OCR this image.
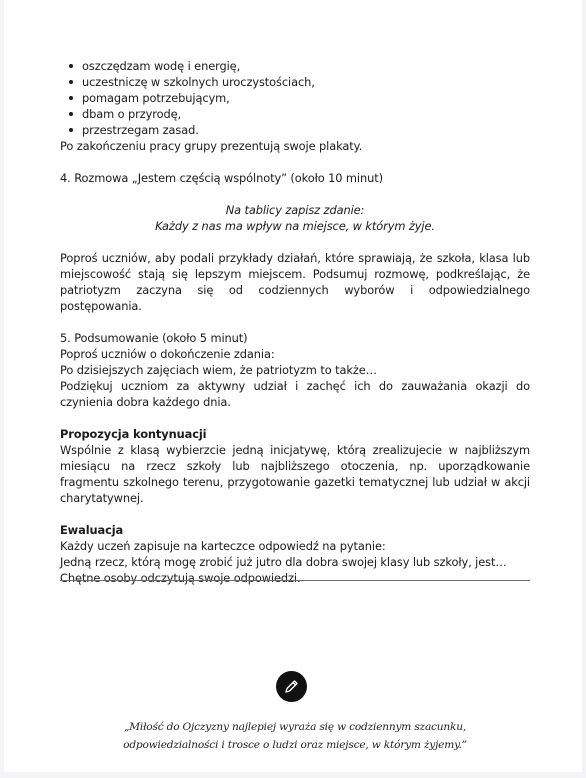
oszczędzam wodę i energię,
uczestniczę w szkolnych uroczystościach,
pomagam potrzebującym,
dbam o przyrodę,
przestrzegam zasad.

Po zakończeniu pracy grupy prezentują swoje plakaty.

4. Rozmowa „Jestem częścią wspólnoty” (około 10 minut)

Na tablicy zapisz zdanie:

Każdy z nas ma wpływ na miejsce, w którym żyje.

Poproś uczniów, aby podali przykłady działań, które sprawiają, że szkoła, klasa lub miejscowość stają się lepszym miejscem. Podsumuj rozmowę, podkreślając, że patriotyzm zaczyna się od codziennych wyborów i odpowiedzialnego postępowania.

5. Podsumowanie (około 5 minut)

Poproś uczniów o dokończenie zdania:

Po dzisiejszych zajęciach wiem, że patriotyzm to także…

Podziękuj uczniom za aktywny udział i zachęć ich do zauważania okazji do czynienia dobra każdego dnia.

Propozycja kontynuacji

Wspólnie z klasą wybierzcie jedną inicjatywę, którą zrealizujecie w najbliższym miesiącu na rzecz szkoły lub najbliższego otoczenia, np. uporządkowanie fragmentu szkolnego terenu, przygotowanie gazetki tematycznej lub udział w akcji charytatywnej.

Ewaluacja

Każdy uczeń zapisuje na karteczce odpowiedź na pytanie:

Jedną rzecz, którą mogę zrobić już jutro dla dobra swojej klasy lub szkoły, jest…

Chętne osoby odczytują swoje odpowiedzi.

„Miłość do Ojczyzny najlepiej wyraża się w codziennym szacunku,
odpowiedzialności i trosce o ludzi oraz miejsce, w którym żyjemy.”
